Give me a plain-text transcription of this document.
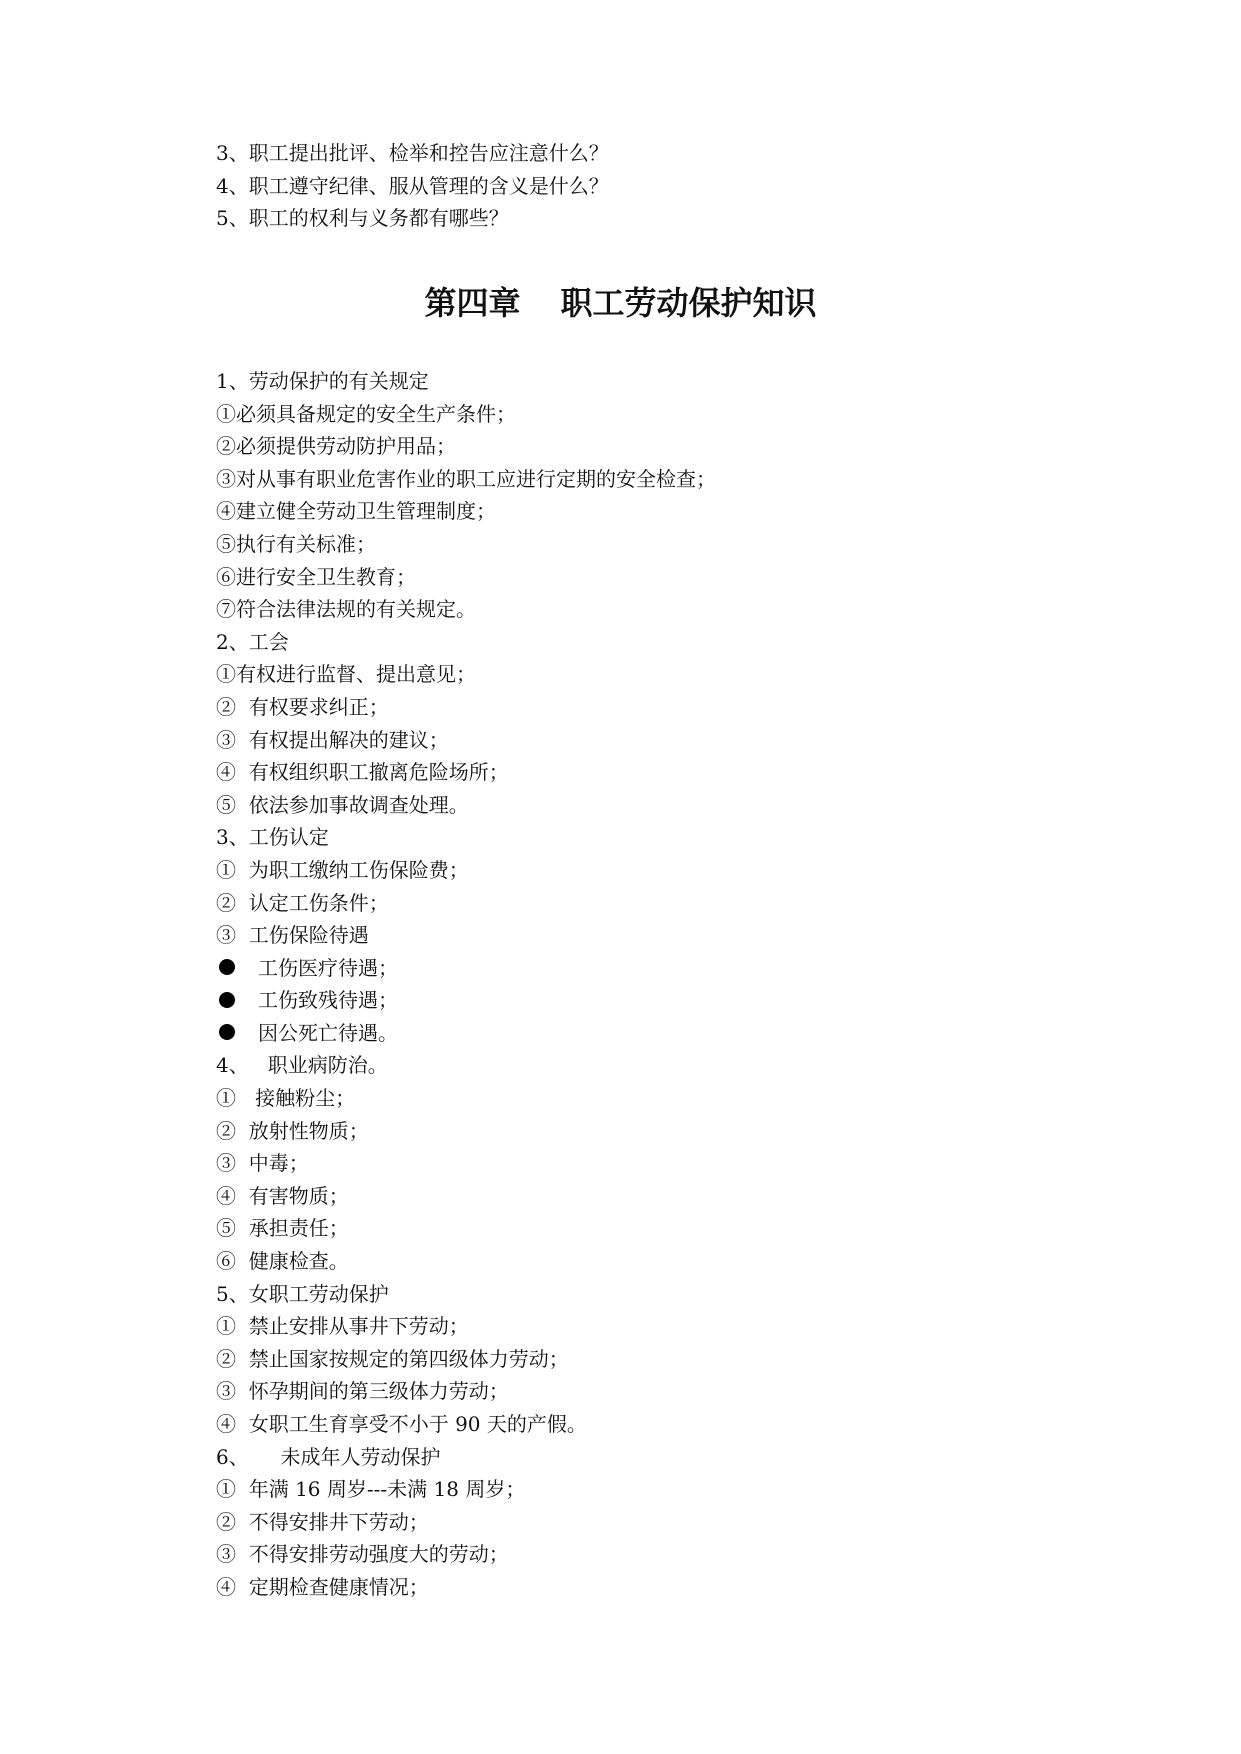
3、职工提出批评、检举和控告应注意什么？
4、职工遵守纪律、服从管理的含义是什么？
5、职工的权利与义务都有哪些？
第四章 职工劳动保护知识
1、劳动保护的有关规定
①必须具备规定的安全生产条件；
②必须提供劳动防护用品；
③对从事有职业危害作业的职工应进行定期的安全检查；
④建立健全劳动卫生管理制度；
⑤执行有关标准；
⑥进行安全卫生教育；
⑦符合法律法规的有关规定。
2、工会
①有权进行监督、提出意见；
②  有权要求纠正；
③  有权提出解决的建议；
④  有权组织职工撤离危险场所；
⑤  依法参加事故调查处理。
3、工伤认定
①  为职工缴纳工伤保险费；
②  认定工伤条件；
③  工伤保险待遇
工伤医疗待遇；
工伤致残待遇；
因公死亡待遇。
4、   职业病防治。
①   接触粉尘；
②  放射性物质；
③  中毒；
④  有害物质；
⑤  承担责任；
⑥  健康检查。
5、女职工劳动保护
①  禁止安排从事井下劳动；
②  禁止国家按规定的第四级体力劳动；
③  怀孕期间的第三级体力劳动；
④  女职工生育享受不小于 90 天的产假。
6、     未成年人劳动保护
①  年满 16 周岁---未满 18 周岁；
②  不得安排井下劳动；
③  不得安排劳动强度大的劳动；
④  定期检查健康情况；
